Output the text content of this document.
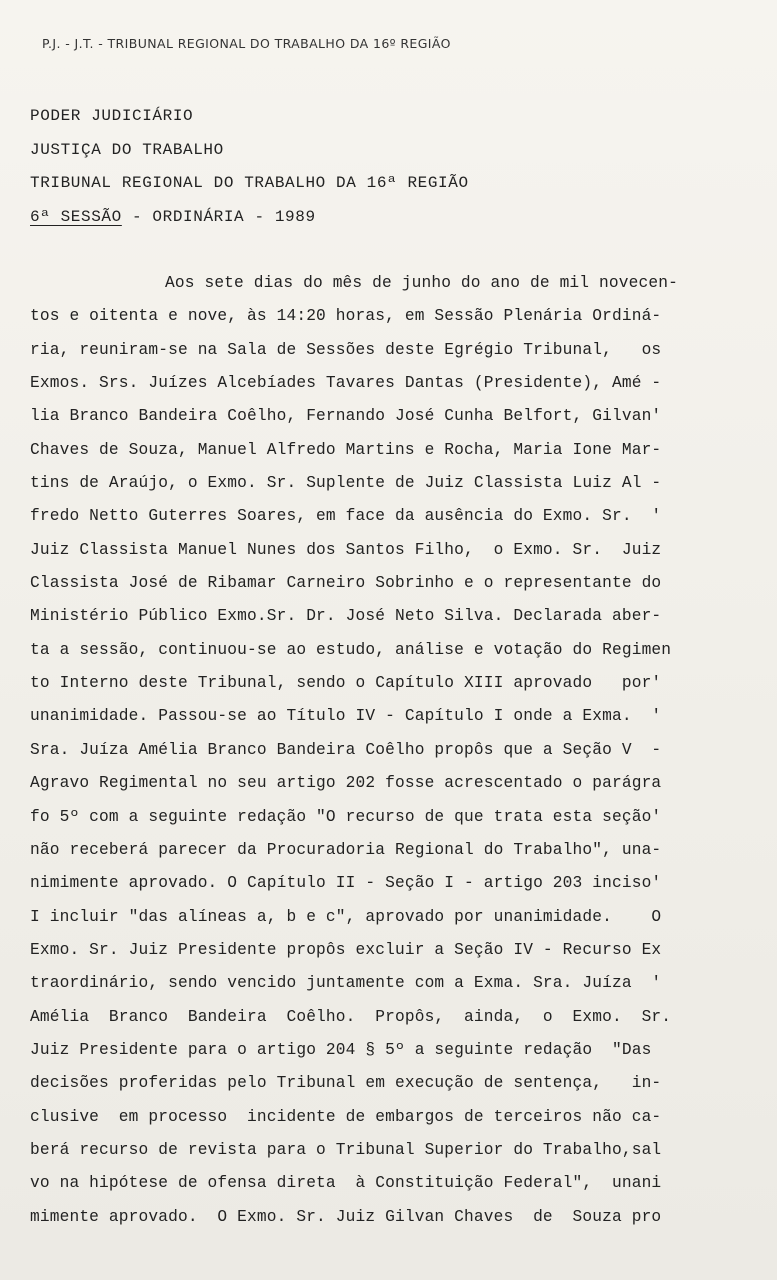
P.J. - J.T. - TRIBUNAL REGIONAL DO TRABALHO DA 16º REGIÃO
PODER JUDICIÁRIO
JUSTIÇA DO TRABALHO
TRIBUNAL REGIONAL DO TRABALHO DA 16ª REGIÃO
6ª SESSÃO - ORDINÁRIA - 1989
Aos sete dias do mês de junho do ano de mil novecen-
tos e oitenta e nove, às 14:20 horas, em Sessão Plenária Ordiná-
ria, reuniram-se na Sala de Sessões deste Egrégio Tribunal,   os
Exmos. Srs. Juízes Alcebíades Tavares Dantas (Presidente), Amé -
lia Branco Bandeira Coêlho, Fernando José Cunha Belfort, Gilvan'
Chaves de Souza, Manuel Alfredo Martins e Rocha, Maria Ione Mar-
tins de Araújo, o Exmo. Sr. Suplente de Juiz Classista Luiz Al -
fredo Netto Guterres Soares, em face da ausência do Exmo. Sr.  '
Juiz Classista Manuel Nunes dos Santos Filho,  o Exmo. Sr.  Juiz
Classista José de Ribamar Carneiro Sobrinho e o representante do
Ministério Público Exmo.Sr. Dr. José Neto Silva. Declarada aber-
ta a sessão, continuou-se ao estudo, análise e votação do Regimen
to Interno deste Tribunal, sendo o Capítulo XIII aprovado   por'
unanimidade. Passou-se ao Título IV - Capítulo I onde a Exma.  '
Sra. Juíza Amélia Branco Bandeira Coêlho propôs que a Seção V  -
Agravo Regimental no seu artigo 202 fosse acrescentado o parágra
fo 5º com a seguinte redação "O recurso de que trata esta seção'
não receberá parecer da Procuradoria Regional do Trabalho", una-
nimimente aprovado. O Capítulo II - Seção I - artigo 203 inciso'
I incluir "das alíneas a, b e c", aprovado por unanimidade.    O
Exmo. Sr. Juiz Presidente propôs excluir a Seção IV - Recurso Ex
traordinário, sendo vencido juntamente com a Exma. Sra. Juíza  '
Amélia  Branco  Bandeira  Coêlho.  Propôs,  ainda,  o  Exmo.  Sr.
Juiz Presidente para o artigo 204 § 5º a seguinte redação  "Das
decisões proferidas pelo Tribunal em execução de sentença,   in-
clusive  em processo  incidente de embargos de terceiros não ca-
berá recurso de revista para o Tribunal Superior do Trabalho,sal
vo na hipótese de ofensa direta  à Constituição Federal",  unani
mimente aprovado.  O Exmo. Sr. Juiz Gilvan Chaves  de  Souza pro
